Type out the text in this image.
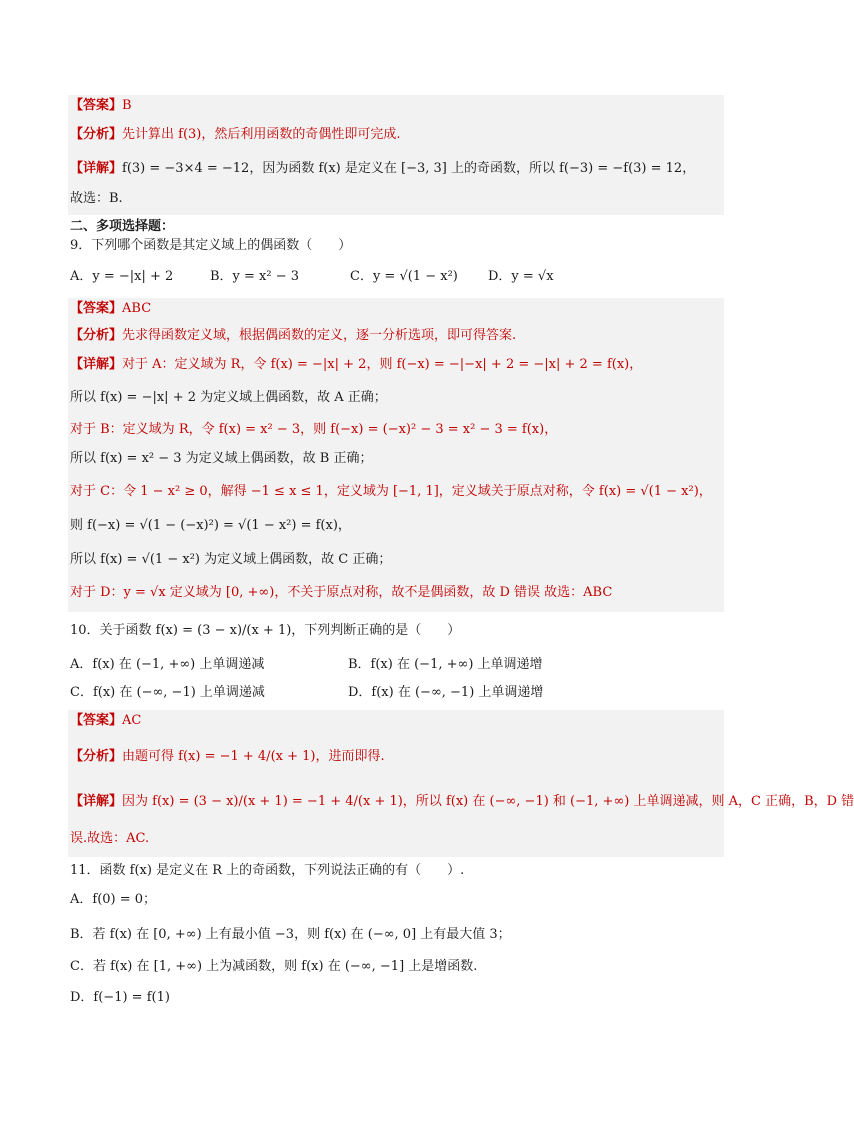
【答案】B
【分析】先计算出 f(3)，然后利用函数的奇偶性即可完成.
【详解】f(3) = −3×4 = −12，因为函数 f(x) 是定义在 [−3, 3] 上的奇函数，所以 f(−3) = −f(3) = 12，
故选：B.
二、多项选择题：
9．下列哪个函数是其定义域上的偶函数（　　）
A．y = −|x| + 2	B．y = x² − 3	C．y = √(1 − x²) D．y = √x
【答案】ABC
【分析】先求得函数定义域，根据偶函数的定义，逐一分析选项，即可得答案.
【详解】对于 A：定义域为 R，令 f(x) = −|x| + 2，则 f(−x) = −|−x| + 2 = −|x| + 2 = f(x)，
所以 f(x) = −|x| + 2 为定义域上偶函数，故 A 正确；
对于 B：定义域为 R，令 f(x) = x² − 3，则 f(−x) = (−x)² − 3 = x² − 3 = f(x)，
所以 f(x) = x² − 3 为定义域上偶函数，故 B 正确；
对于 C：令 1 − x² ≥ 0，解得 −1 ≤ x ≤ 1，定义域为 [−1, 1]，定义域关于原点对称，令 f(x) = √(1 − x²)，
则 f(−x) = √(1 − (−x)²) = √(1 − x²) = f(x)，
所以 f(x) = √(1 − x²) 为定义域上偶函数，故 C 正确；
对于 D：y = √x 定义域为 [0, +∞)，不关于原点对称，故不是偶函数，故 D 错误 故选：ABC
10．关于函数 f(x) = (3 − x)/(x + 1)，下列判断正确的是（　　）
A．f(x) 在 (−1, +∞) 上单调递减	B．f(x) 在 (−1, +∞) 上单调递增
C．f(x) 在 (−∞, −1) 上单调递减	D．f(x) 在 (−∞, −1) 上单调递增
【答案】AC
【分析】由题可得 f(x) = −1 + 4/(x + 1)，进而即得.
【详解】因为 f(x) = (3 − x)/(x + 1) = −1 + 4/(x + 1)，所以 f(x) 在 (−∞, −1) 和 (−1, +∞) 上单调递减，则 A，C 正确，B，D 错
误.故选：AC.
11．函数 f(x) 是定义在 R 上的奇函数，下列说法正确的有（　　）.
A．f(0) = 0；
B．若 f(x) 在 [0, +∞) 上有最小值 −3，则 f(x) 在 (−∞, 0] 上有最大值 3；
C．若 f(x) 在 [1, +∞) 上为减函数，则 f(x) 在 (−∞, −1] 上是增函数.
D．f(−1) = f(1)
